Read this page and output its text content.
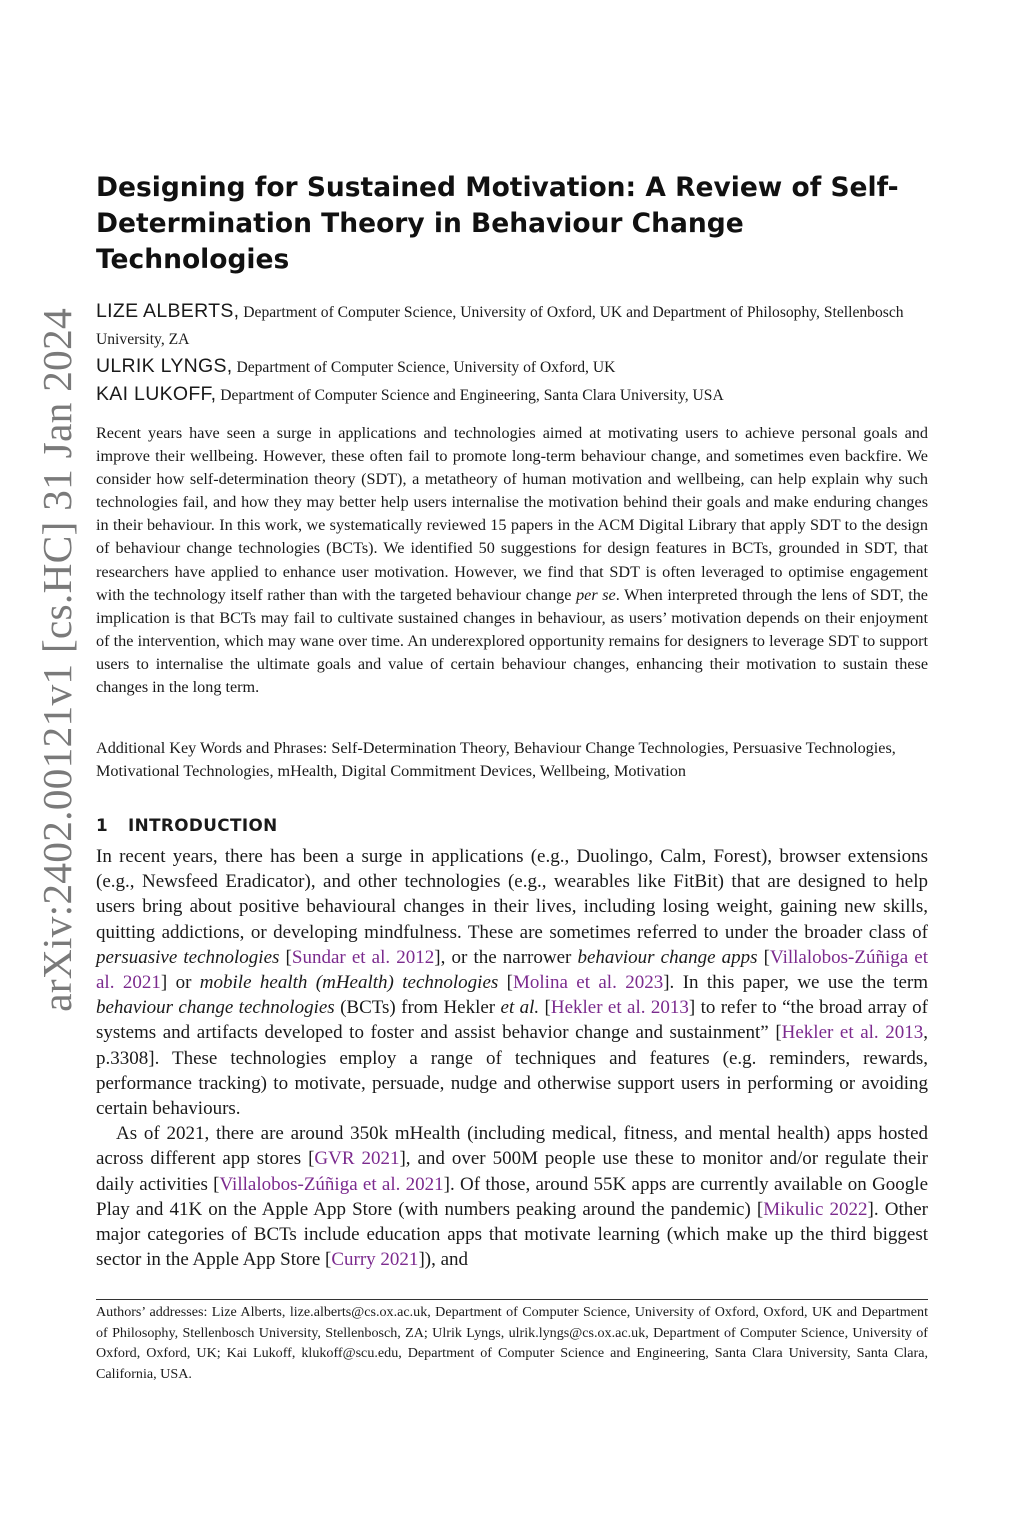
arXiv:2402.00121v1 [cs.HC] 31 Jan 2024
Designing for Sustained Motivation: A Review of Self-Determination Theory in Behaviour Change Technologies
LIZE ALBERTS, Department of Computer Science, University of Oxford, UK and Department of Philosophy, Stellenbosch University, ZA
ULRIK LYNGS, Department of Computer Science, University of Oxford, UK
KAI LUKOFF, Department of Computer Science and Engineering, Santa Clara University, USA

Recent years have seen a surge in applications and technologies aimed at motivating users to achieve personal goals and improve their wellbeing. However, these often fail to promote long-term behaviour change, and sometimes even backfire. We consider how self-determination theory (SDT), a metatheory of human motivation and wellbeing, can help explain why such technologies fail, and how they may better help users internalise the motivation behind their goals and make enduring changes in their behaviour. In this work, we systematically reviewed 15 papers in the ACM Digital Library that apply SDT to the design of behaviour change technologies (BCTs). We identified 50 suggestions for design features in BCTs, grounded in SDT, that researchers have applied to enhance user motivation. However, we find that SDT is often leveraged to optimise engagement with the technology itself rather than with the targeted behaviour change per se. When interpreted through the lens of SDT, the implication is that BCTs may fail to cultivate sustained changes in behaviour, as users’ motivation depends on their enjoyment of the intervention, which may wane over time. An underexplored opportunity remains for designers to leverage SDT to support users to internalise the ultimate goals and value of certain behaviour changes, enhancing their motivation to sustain these changes in the long term.

Additional Key Words and Phrases: Self-Determination Theory, Behaviour Change Technologies, Persuasive Technologies, Motivational Technologies, mHealth, Digital Commitment Devices, Wellbeing, Motivation

1 INTRODUCTION

In recent years, there has been a surge in applications (e.g., Duolingo, Calm, Forest), browser extensions (e.g., Newsfeed Eradicator), and other technologies (e.g., wearables like FitBit) that are designed to help users bring about positive behavioural changes in their lives, including losing weight, gaining new skills, quitting addictions, or developing mindfulness. These are sometimes referred to under the broader class of persuasive technologies [Sundar et al. 2012], or the narrower behaviour change apps [Villalobos-Zúñiga et al. 2021] or mobile health (mHealth) technologies [Molina et al. 2023]. In this paper, we use the term behaviour change technologies (BCTs) from Hekler et al. [Hekler et al. 2013] to refer to “the broad array of systems and artifacts developed to foster and assist behavior change and sustainment” [Hekler et al. 2013, p.3308]. These technologies employ a range of techniques and features (e.g. reminders, rewards, performance tracking) to motivate, persuade, nudge and otherwise support users in performing or avoiding certain behaviours.

As of 2021, there are around 350k mHealth (including medical, fitness, and mental health) apps hosted across different app stores [GVR 2021], and over 500M people use these to monitor and/or regulate their daily activities [Villalobos-Zúñiga et al. 2021]. Of those, around 55K apps are currently available on Google Play and 41K on the Apple App Store (with numbers peaking around the pandemic) [Mikulic 2022]. Other major categories of BCTs include education apps that motivate learning (which make up the third biggest sector in the Apple App Store [Curry 2021]), and

Authors’ addresses: Lize Alberts, lize.alberts@cs.ox.ac.uk, Department of Computer Science, University of Oxford, Oxford, UK and Department of Philosophy, Stellenbosch University, Stellenbosch, ZA; Ulrik Lyngs, ulrik.lyngs@cs.ox.ac.uk, Department of Computer Science, University of Oxford, Oxford, UK; Kai Lukoff, klukoff@scu.edu, Department of Computer Science and Engineering, Santa Clara University, Santa Clara, California, USA.
